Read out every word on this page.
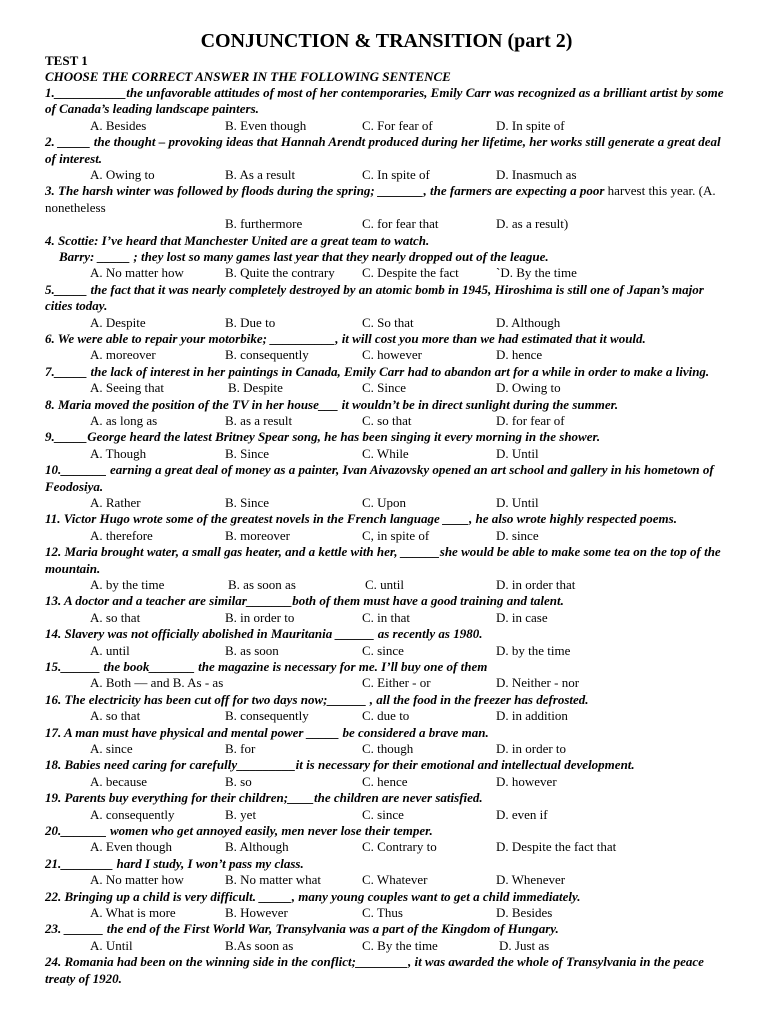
CONJUNCTION & TRANSITION (part 2)
TEST 1
CHOOSE THE CORRECT ANSWER IN THE FOLLOWING SENTENCE
1.___________the unfavorable attitudes of most of her contemporaries, Emily Carr was recognized as a brilliant artist by some of Canada’s leading landscape painters.
A. Besides	B. Even though	C. For fear of	D. In spite of
2. _____ the thought – provoking ideas that Hannah Arendt produced during her lifetime, her works still generate a great deal of interest.
A. Owing to	B. As a result	C. In spite of	D. Inasmuch as
3. The harsh winter was followed by floods during the spring; _______, the farmers are expecting a poor harvest this year. (A. nonetheless
B. furthermore	C. for fear that	D. as a result)
4. Scottie: I’ve heard that Manchester United are a great team to watch.
Barry: _____ ; they lost so many games last year that they nearly dropped out of the league.
A. No matter how	B. Quite the contrary C. Despite the fact	`D. By the time
5._____ the fact that it was nearly completely destroyed by an atomic bomb in 1945, Hiroshima is still one of Japan’s major cities today.
A. Despite	B. Due to	C. So that	D. Although
6. We were able to repair your motorbike; __________, it will cost you more than we had estimated that it would.
A. moreover	B. consequently	C. however	D. hence
7._____ the lack of interest in her paintings in Canada, Emily Carr had to abandon art for a while in order to make a living.
A. Seeing that	B. Despite	C. Since	D. Owing to
8. Maria moved the position of the TV in her house___ it wouldn’t be in direct sunlight during the summer.
A. as long as	B. as a result	C. so that	D. for fear of
9._____George heard the latest Britney Spear song, he has been singing it every morning in the shower.
A. Though	B. Since	C. While	D. Until
10._______ earning a great deal of money as a painter, Ivan Aivazovsky opened an art school and gallery in his hometown of Feodosiya.
A. Rather	B. Since	C. Upon	D. Until
11. Victor Hugo wrote some of the greatest novels in the French language ____, he also wrote highly respected poems.
A. therefore	B. moreover	C, in spite of	D. since
12. Maria brought water, a small gas heater, and a kettle with her, ______she would be able to make some tea on the top of the mountain.
A. by the time	B. as soon as	C. until	D. in order that
13. A doctor and a teacher are similar_______both of them must have a good training and talent.
A. so that	B. in order to	C. in that	D. in case
14. Slavery was not officially abolished in Mauritania ______ as recently as 1980.
A. until	B. as soon	C. since	D. by the time
15.______ the book_______ the magazine is necessary for me. I’ll buy one of them
A. Both — and B. As - as	C. Either - or	D. Neither - nor
16. The electricity has been cut off for two days now;______ , all the food in the freezer has defrosted.
A. so that	B. consequently	C. due to	D. in addition
17. A man must have physical and mental power _____ be considered a brave man.
A. since	B. for	C. though	D. in order to
18. Babies need caring for carefully_________it is necessary for their emotional and intellectual development.
A. because	B. so	C. hence	D. however
19. Parents buy everything for their children;____the children are never satisfied.
A. consequently	B. yet	C. since	D. even if
20._______ women who get annoyed easily, men never lose their temper.
A. Even though	B. Although	C. Contrary to	D. Despite the fact that
21.________ hard I study, I won’t pass my class.
A. No matter how	B. No matter what	C. Whatever	D. Whenever
22. Bringing up a child is very difficult. _____, many young couples want to get a child immediately.
A. What is more	B. However	C. Thus	D. Besides
23. ______ the end of the First World War, Transylvania was a part of the Kingdom of Hungary.
A. Until	B.As soon as	C. By the time	D. Just as
24. Romania had been on the winning side in the conflict;________, it was awarded the whole of Transylvania in the peace treaty of 1920.
